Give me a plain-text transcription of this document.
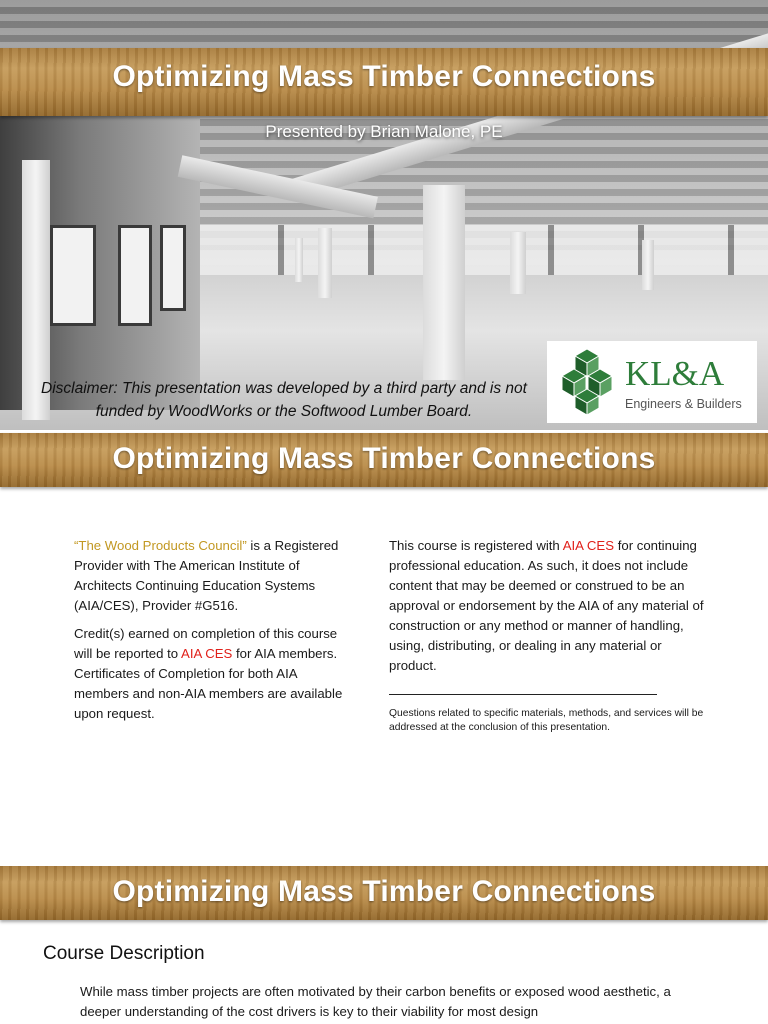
Optimizing Mass Timber Connections
Presented by Brian Malone, PE
Disclaimer: This presentation was developed by a third party and is not funded by WoodWorks or the Softwood Lumber Board.
KL&A
Engineers & Builders
Optimizing Mass Timber Connections

“The Wood Products Council” is a Registered Provider with The American Institute of Architects Continuing Education Systems (AIA/CES), Provider #G516.

Credit(s) earned on completion of this course will be reported to AIA CES for AIA members. Certificates of Completion for both AIA members and non-AIA members are available upon request.

This course is registered with AIA CES for continuing professional education. As such, it does not include content that may be deemed or construed to be an approval or endorsement by the AIA of any material of construction or any method or manner of handling, using, distributing, or dealing in any material or product.

Questions related to specific materials, methods, and services will be addressed at the conclusion of this presentation.
Optimizing Mass Timber Connections
Course Description
While mass timber projects are often motivated by their carbon benefits or exposed wood aesthetic, a deeper understanding of the cost drivers is key to their viability for most design
